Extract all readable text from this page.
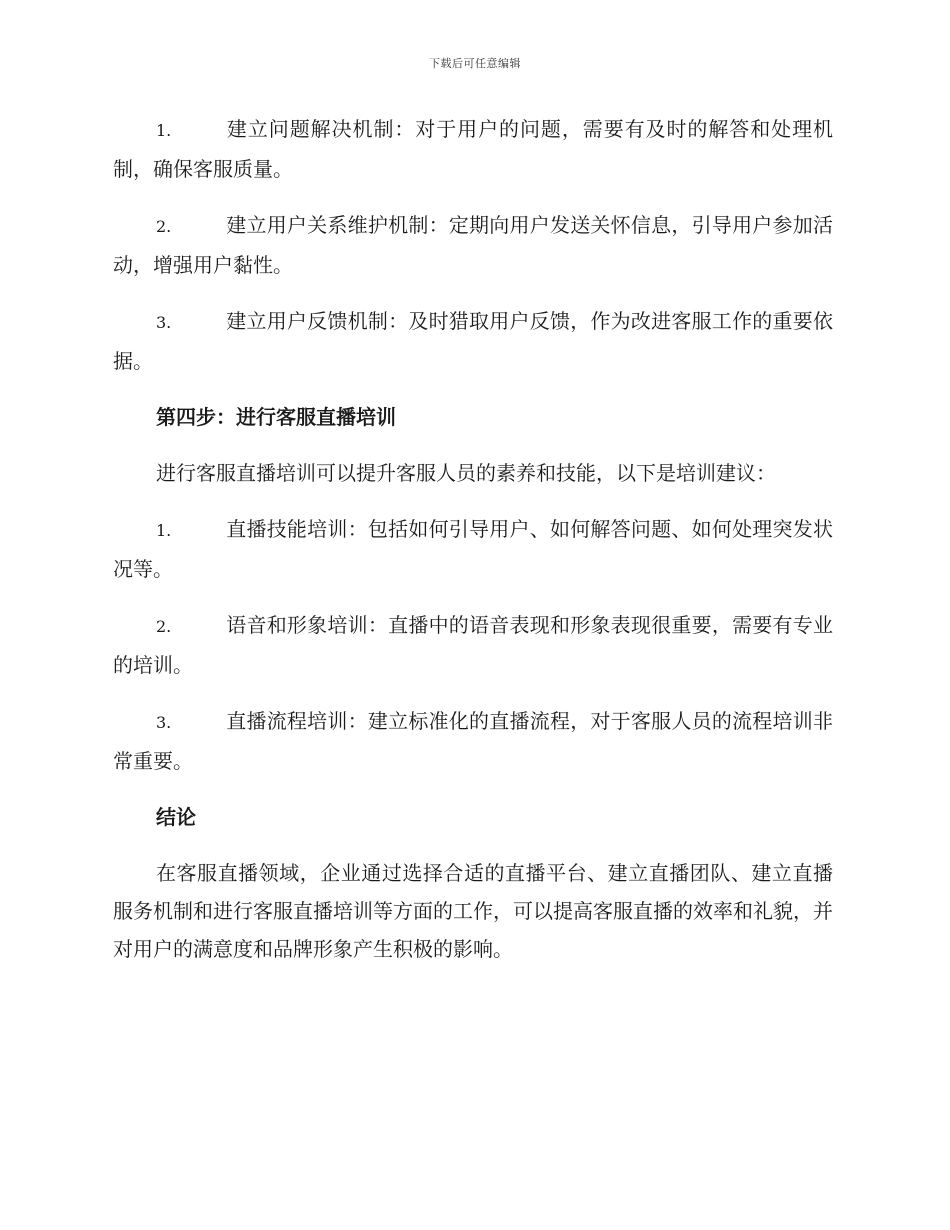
下载后可任意编辑

1.	建立问题解决机制：对于用户的问题，需要有及时的解答和处理机制，确保客服质量。

2.	建立用户关系维护机制：定期向用户发送关怀信息，引导用户参加活动，增强用户黏性。

3.	建立用户反馈机制：及时猎取用户反馈，作为改进客服工作的重要依据。

第四步：进行客服直播培训

进行客服直播培训可以提升客服人员的素养和技能，以下是培训建议：

1.	直播技能培训：包括如何引导用户、如何解答问题、如何处理突发状况等。

2.	语音和形象培训：直播中的语音表现和形象表现很重要，需要有专业的培训。

3.	直播流程培训：建立标准化的直播流程，对于客服人员的流程培训非常重要。

结论

在客服直播领域，企业通过选择合适的直播平台、建立直播团队、建立直播服务机制和进行客服直播培训等方面的工作，可以提高客服直播的效率和礼貌，并对用户的满意度和品牌形象产生积极的影响。
